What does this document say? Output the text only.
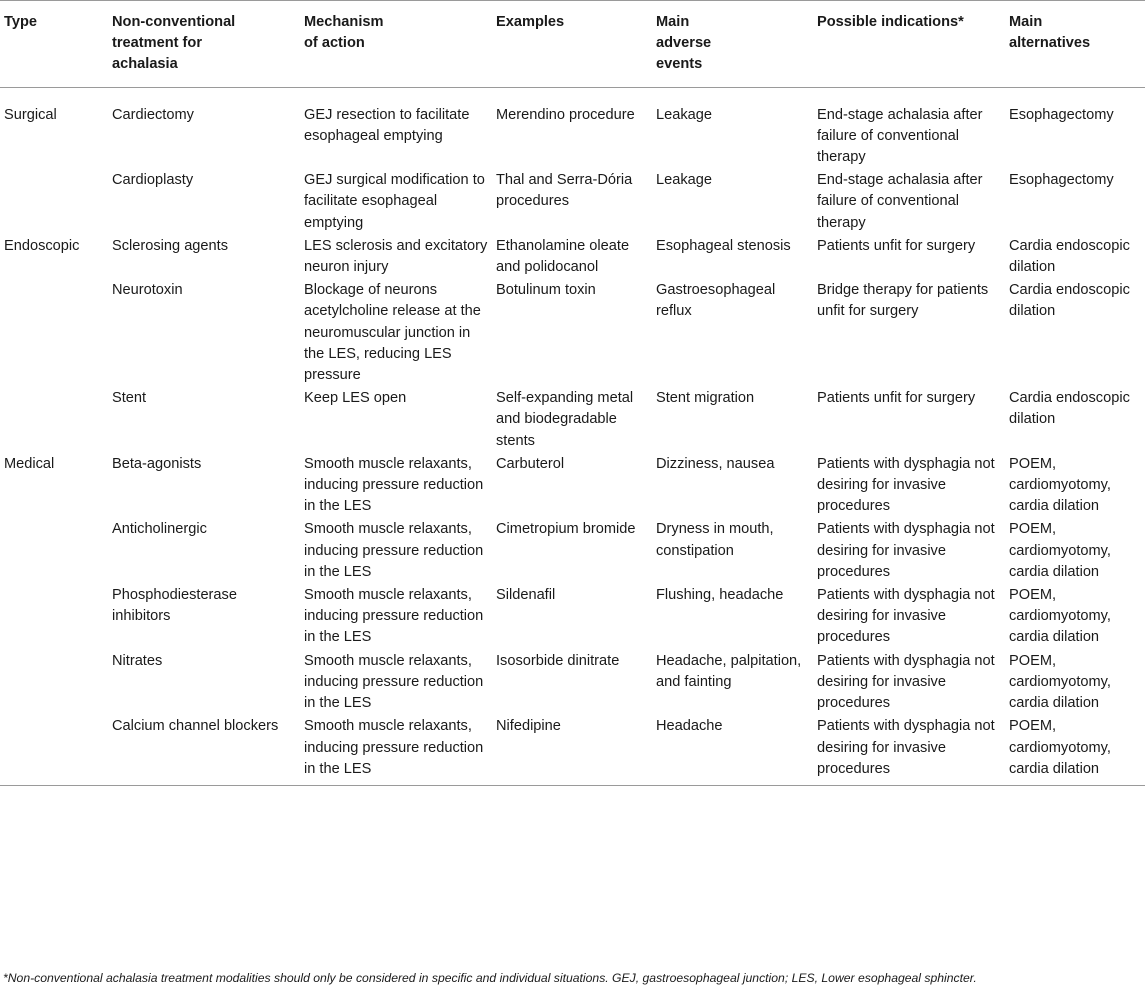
Type	Non-conventional treatment for achalasia	Mechanism of action	Examples	Main adverse events	Possible indications*	Main alternatives
Surgical	Cardiectomy	GEJ resection to facilitate esophageal emptying	Merendino procedure	Leakage	End-stage achalasia after failure of conventional therapy	Esophagectomy
	Cardioplasty	GEJ surgical modification to facilitate esophageal emptying	Thal and Serra-Dória procedures	Leakage	End-stage achalasia after failure of conventional therapy	Esophagectomy
Endoscopic	Sclerosing agents	LES sclerosis and excitatory neuron injury	Ethanolamine oleate and polidocanol	Esophageal stenosis	Patients unfit for surgery	Cardia endoscopic dilation
	Neurotoxin	Blockage of neurons acetylcholine release at the neuromuscular junction in the LES, reducing LES pressure	Botulinum toxin	Gastroesophageal reflux	Bridge therapy for patients unfit for surgery	Cardia endoscopic dilation
	Stent	Keep LES open	Self-expanding metal and biodegradable stents	Stent migration	Patients unfit for surgery	Cardia endoscopic dilation
Medical	Beta-agonists	Smooth muscle relaxants, inducing pressure reduction in the LES	Carbuterol	Dizziness, nausea	Patients with dysphagia not desiring for invasive procedures	POEM, cardiomyotomy, cardia dilation
	Anticholinergic	Smooth muscle relaxants, inducing pressure reduction in the LES	Cimetropium bromide	Dryness in mouth, constipation	Patients with dysphagia not desiring for invasive procedures	POEM, cardiomyotomy, cardia dilation
	Phosphodiesterase inhibitors	Smooth muscle relaxants, inducing pressure reduction in the LES	Sildenafil	Flushing, headache	Patients with dysphagia not desiring for invasive procedures	POEM, cardiomyotomy, cardia dilation
	Nitrates	Smooth muscle relaxants, inducing pressure reduction in the LES	Isosorbide dinitrate	Headache, palpitation, and fainting	Patients with dysphagia not desiring for invasive procedures	POEM, cardiomyotomy, cardia dilation
	Calcium channel blockers	Smooth muscle relaxants, inducing pressure reduction in the LES	Nifedipine	Headache	Patients with dysphagia not desiring for invasive procedures	POEM, cardiomyotomy, cardia dilation
*Non-conventional achalasia treatment modalities should only be considered in specific and individual situations. GEJ, gastroesophageal junction; LES, Lower esophageal sphincter.
